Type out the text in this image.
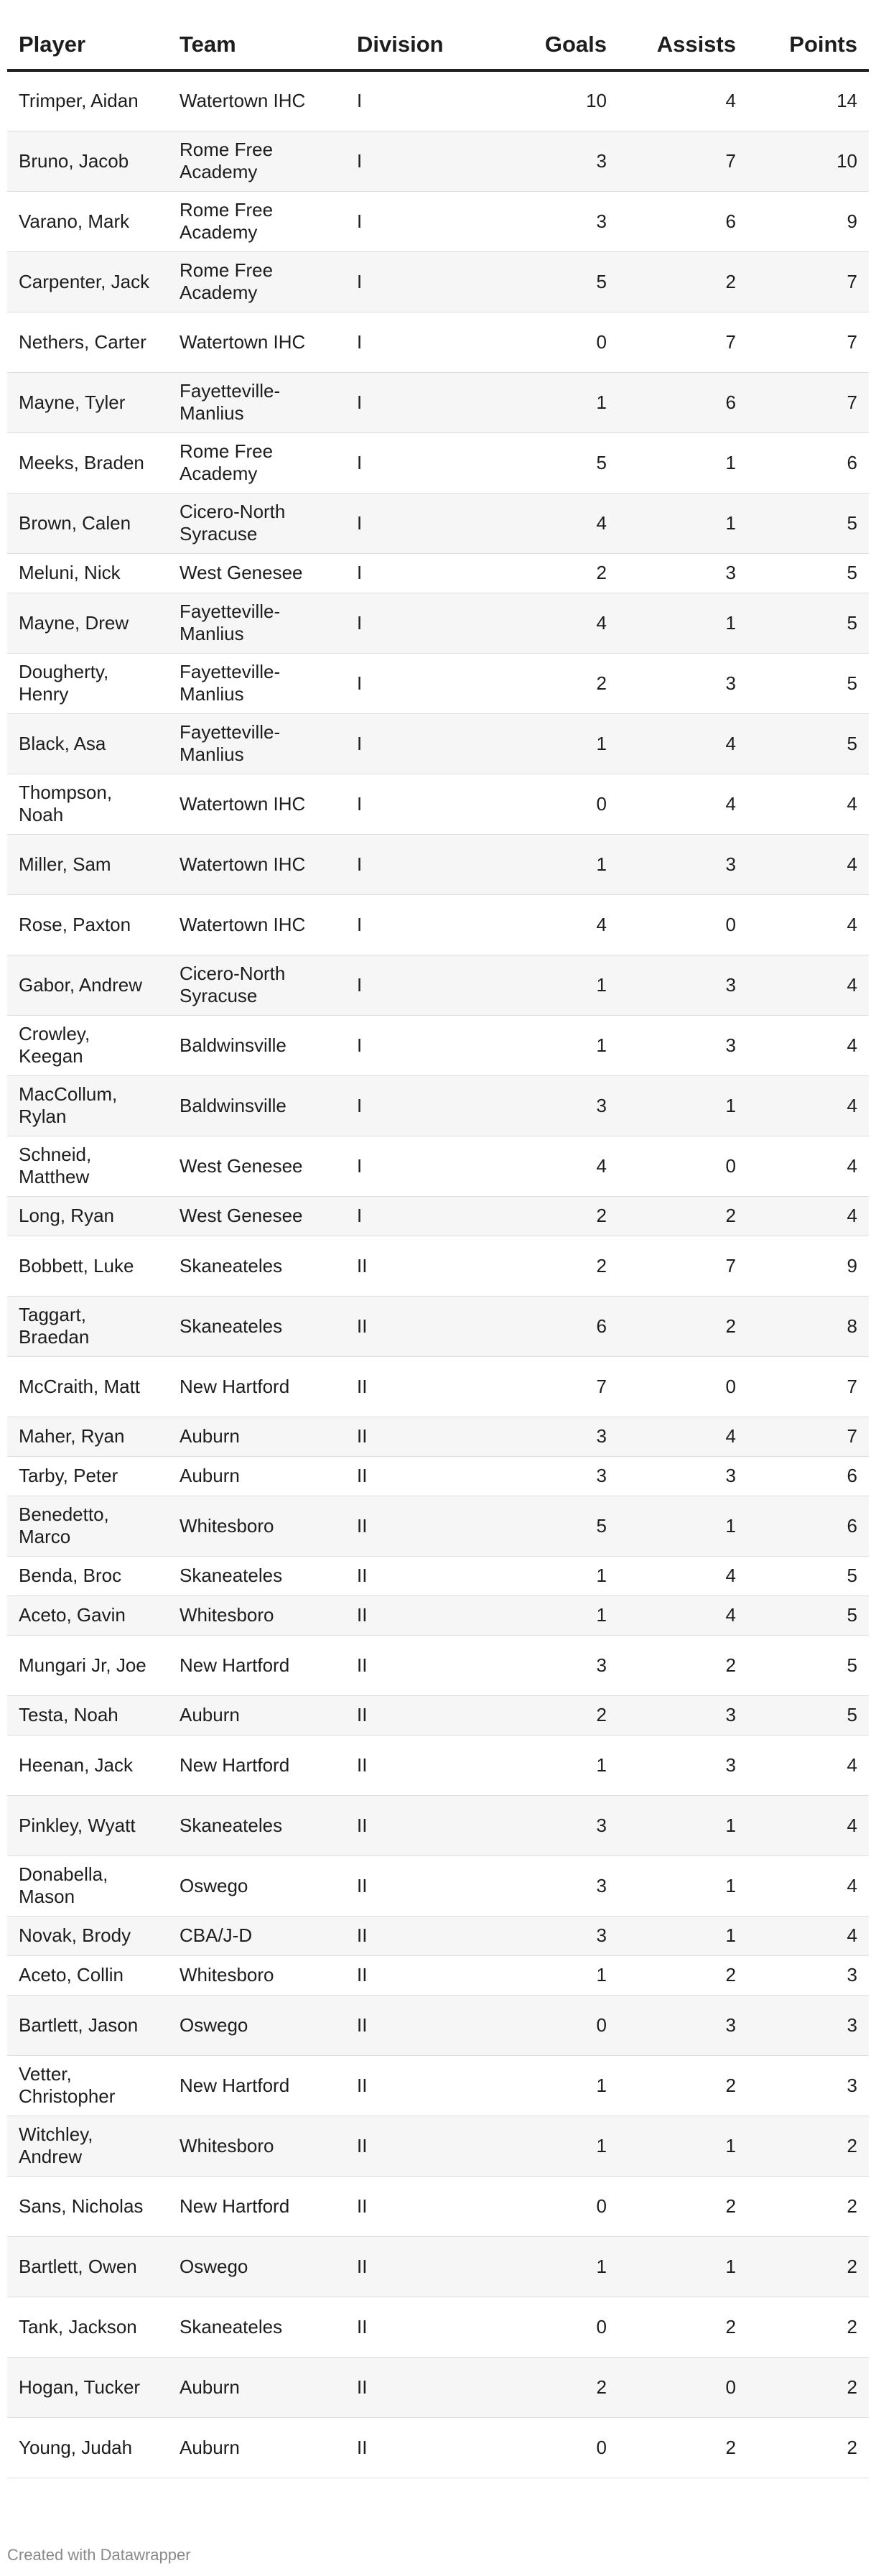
Player	Team	Division	Goals	Assists	Points
Trimper, Aidan	Watertown IHC	I	10	4	14
Bruno, Jacob	Rome Free Academy	I	3	7	10
Varano, Mark	Rome Free Academy	I	3	6	9
Carpenter, Jack	Rome Free Academy	I	5	2	7
Nethers, Carter	Watertown IHC	I	0	7	7
Mayne, Tyler	Fayetteville-Manlius	I	1	6	7
Meeks, Braden	Rome Free Academy	I	5	1	6
Brown, Calen	Cicero-North Syracuse	I	4	1	5
Meluni, Nick	West Genesee	I	2	3	5
Mayne, Drew	Fayetteville-Manlius	I	4	1	5
Dougherty, Henry	Fayetteville-Manlius	I	2	3	5
Black, Asa	Fayetteville-Manlius	I	1	4	5
Thompson, Noah	Watertown IHC	I	0	4	4
Miller, Sam	Watertown IHC	I	1	3	4
Rose, Paxton	Watertown IHC	I	4	0	4
Gabor, Andrew	Cicero-North Syracuse	I	1	3	4
Crowley, Keegan	Baldwinsville	I	1	3	4
MacCollum, Rylan	Baldwinsville	I	3	1	4
Schneid, Matthew	West Genesee	I	4	0	4
Long, Ryan	West Genesee	I	2	2	4
Bobbett, Luke	Skaneateles	II	2	7	9
Taggart, Braedan	Skaneateles	II	6	2	8
McCraith, Matt	New Hartford	II	7	0	7
Maher, Ryan	Auburn	II	3	4	7
Tarby, Peter	Auburn	II	3	3	6
Benedetto, Marco	Whitesboro	II	5	1	6
Benda, Broc	Skaneateles	II	1	4	5
Aceto, Gavin	Whitesboro	II	1	4	5
Mungari Jr, Joe	New Hartford	II	3	2	5
Testa, Noah	Auburn	II	2	3	5
Heenan, Jack	New Hartford	II	1	3	4
Pinkley, Wyatt	Skaneateles	II	3	1	4
Donabella, Mason	Oswego	II	3	1	4
Novak, Brody	CBA/J-D	II	3	1	4
Aceto, Collin	Whitesboro	II	1	2	3
Bartlett, Jason	Oswego	II	0	3	3
Vetter, Christopher	New Hartford	II	1	2	3
Witchley, Andrew	Whitesboro	II	1	1	2
Sans, Nicholas	New Hartford	II	0	2	2
Bartlett, Owen	Oswego	II	1	1	2
Tank, Jackson	Skaneateles	II	0	2	2
Hogan, Tucker	Auburn	II	2	0	2
Young, Judah	Auburn	II	0	2	2
Created with Datawrapper
